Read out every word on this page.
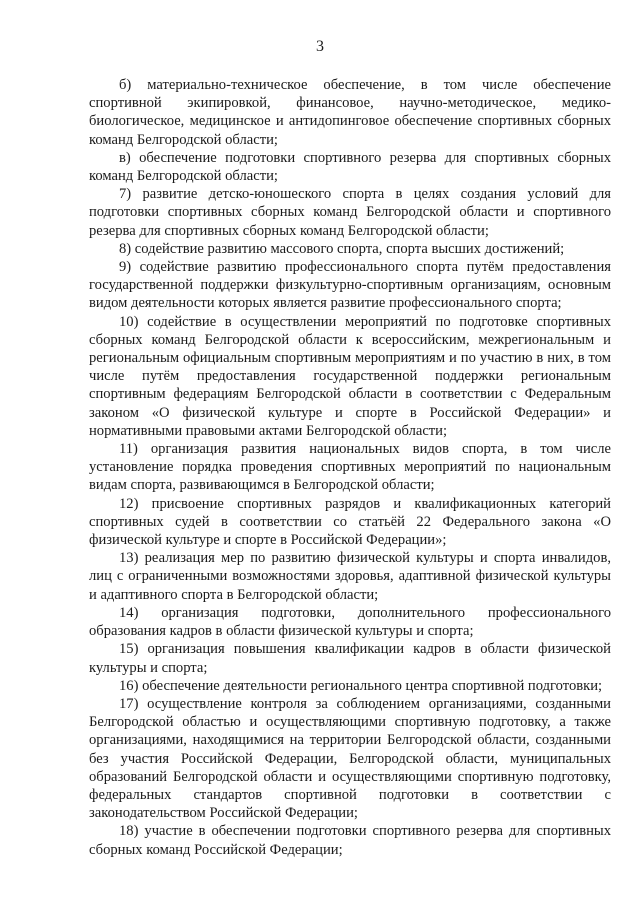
3

б) материально-техническое обеспечение, в том числе обеспечение спортивной экипировкой, финансовое, научно-методическое, медико-биологическое, медицинское и антидопинговое обеспечение спортивных сборных команд Белгородской области;

в) обеспечение подготовки спортивного резерва для спортивных сборных команд Белгородской области;

7) развитие детско-юношеского спорта в целях создания условий для подготовки спортивных сборных команд Белгородской области и спортивного резерва для спортивных сборных команд Белгородской области;

8) содействие развитию массового спорта, спорта высших достижений;

9) содействие развитию профессионального спорта путём предоставления государственной поддержки физкультурно-спортивным организациям, основным видом деятельности которых является развитие профессионального спорта;

10) содействие в осуществлении мероприятий по подготовке спортивных сборных команд Белгородской области к всероссийским, межрегиональным и региональным официальным спортивным мероприятиям и по участию в них, в том числе путём предоставления государственной поддержки региональным спортивным федерациям Белгородской области в соответствии с Федеральным законом «О физической культуре и спорте в Российской Федерации» и нормативными правовыми актами Белгородской области;

11) организация развития национальных видов спорта, в том числе установление порядка проведения спортивных мероприятий по национальным видам спорта, развивающимся в Белгородской области;

12) присвоение спортивных разрядов и квалификационных категорий спортивных судей в соответствии со статьёй 22 Федерального закона «О физической культуре и спорте в Российской Федерации»;

13) реализация мер по развитию физической культуры и спорта инвалидов, лиц с ограниченными возможностями здоровья, адаптивной физической культуры и адаптивного спорта в Белгородской области;

14) организация подготовки, дополнительного профессионального образования кадров в области физической культуры и спорта;

15) организация повышения квалификации кадров в области физической культуры и спорта;

16) обеспечение деятельности регионального центра спортивной подготовки;

17) осуществление контроля за соблюдением организациями, созданными Белгородской областью и осуществляющими спортивную подготовку, а также организациями, находящимися на территории Белгородской области, созданными без участия Российской Федерации, Белгородской области, муниципальных образований Белгородской области и осуществляющими спортивную подготовку, федеральных стандартов спортивной подготовки в соответствии с законодательством Российской Федерации;

18) участие в обеспечении подготовки спортивного резерва для спортивных сборных команд Российской Федерации;
